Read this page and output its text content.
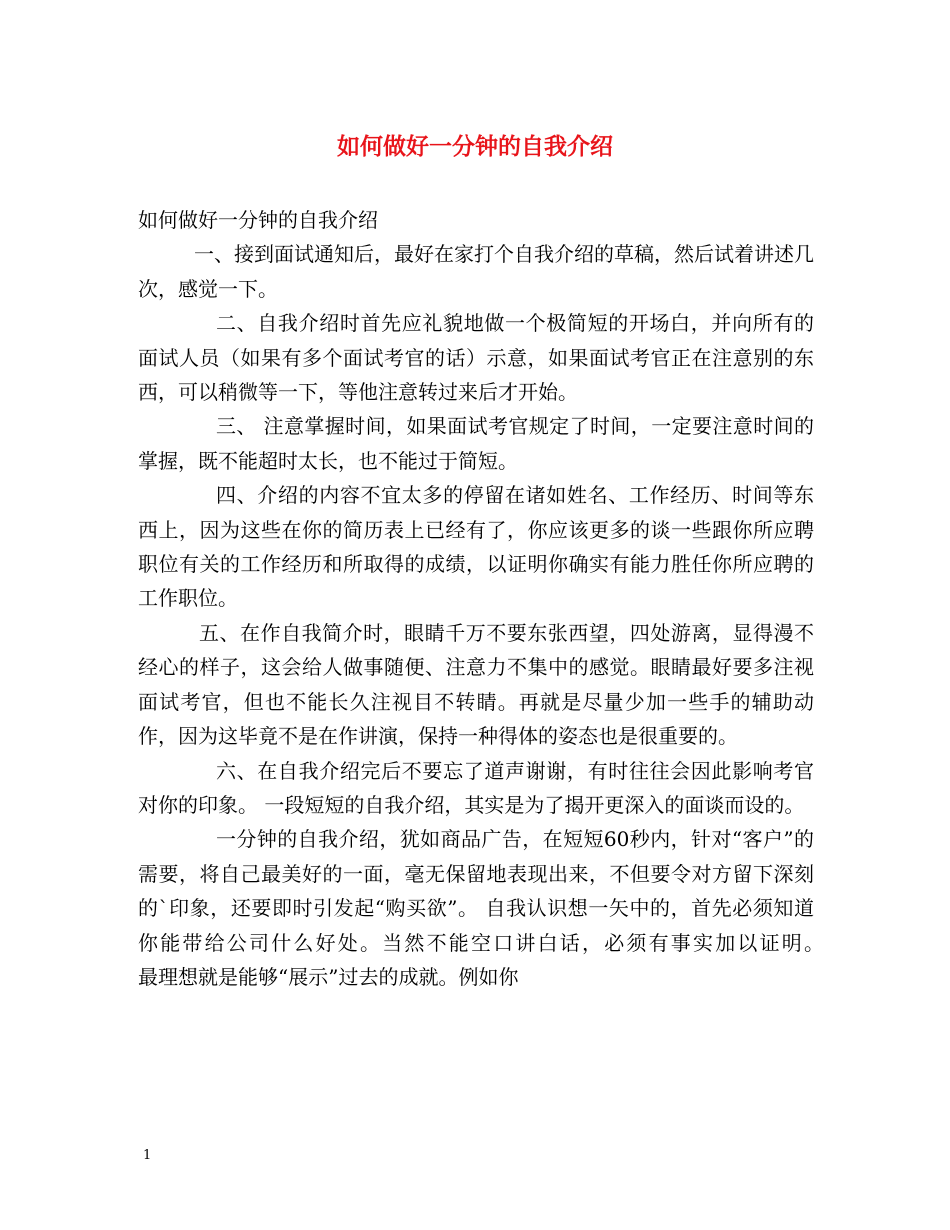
如何做好一分钟的自我介绍

如何做好一分钟的自我介绍

一、接到面试通知后，最好在家打个自我介绍的草稿，然后试着讲述几次，感觉一下。

二、自我介绍时首先应礼貌地做一个极简短的开场白，并向所有的面试人员（如果有多个面试考官的话）示意，如果面试考官正在注意别的东西，可以稍微等一下，等他注意转过来后才开始。

三、 注意掌握时间，如果面试考官规定了时间，一定要注意时间的掌握，既不能超时太长，也不能过于简短。

四、介绍的内容不宜太多的停留在诸如姓名、工作经历、时间等东西上，因为这些在你的简历表上已经有了，你应该更多的谈一些跟你所应聘职位有关的工作经历和所取得的成绩，以证明你确实有能力胜任你所应聘的工作职位。

五、在作自我简介时，眼睛千万不要东张西望，四处游离，显得漫不经心的样子，这会给人做事随便、注意力不集中的感觉。眼睛最好要多注视面试考官，但也不能长久注视目不转睛。再就是尽量少加一些手的辅助动作，因为这毕竟不是在作讲演，保持一种得体的姿态也是很重要的。

六、在自我介绍完后不要忘了道声谢谢，有时往往会因此影响考官对你的印象。 一段短短的自我介绍，其实是为了揭开更深入的面谈而设的。

一分钟的自我介绍，犹如商品广告，在短短60秒内，针对“客户”的需要，将自己最美好的一面，毫无保留地表现出来，不但要令对方留下深刻的`印象，还要即时引发起“购买欲”。 自我认识想一矢中的，首先必须知道你能带给公司什么好处。当然不能空口讲白话，必须有事实加以证明。　　　最理想就是能够“展示”过去的成就。例如你

1
